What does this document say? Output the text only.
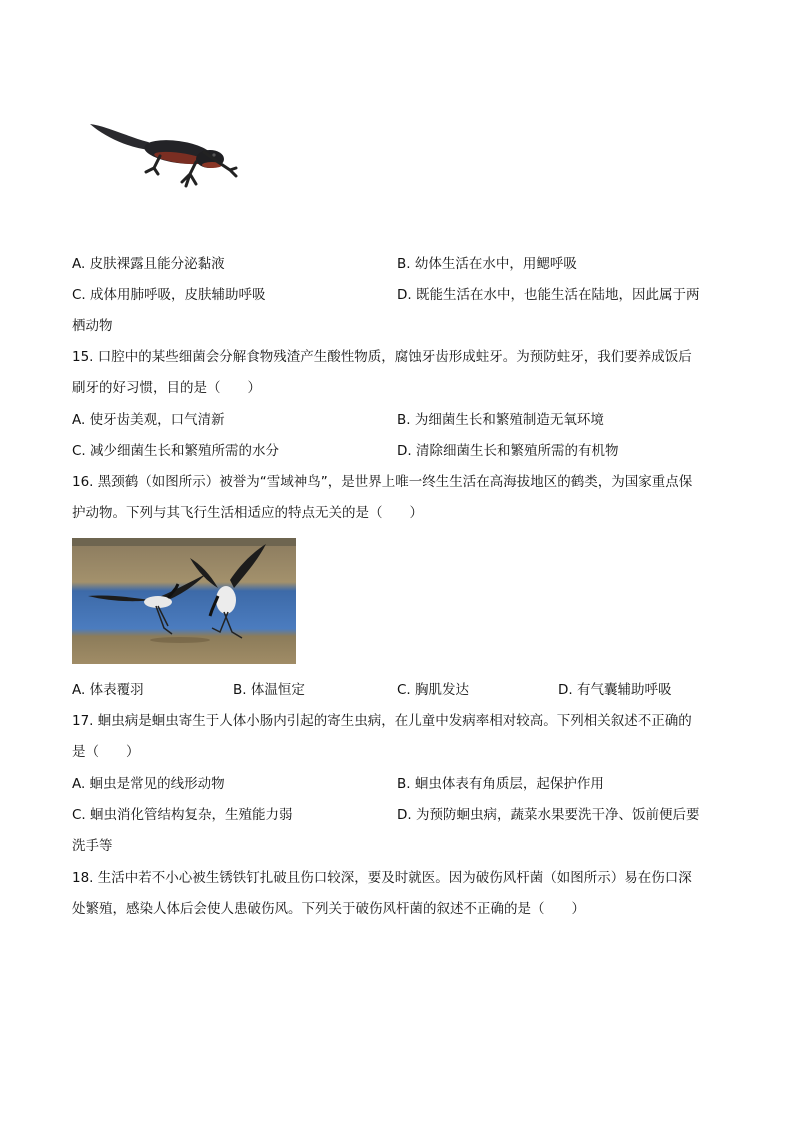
A. 皮肤裸露且能分泌黏液	B. 幼体生活在水中，用鳃呼吸
C. 成体用肺呼吸，皮肤辅助呼吸	D. 既能生活在水中，也能生活在陆地，因此属于两
栖动物
15. 口腔中的某些细菌会分解食物残渣产生酸性物质，腐蚀牙齿形成蛀牙。为预防蛀牙，我们要养成饭后
刷牙的好习惯，目的是（　　）
A. 使牙齿美观，口气清新	B. 为细菌生长和繁殖制造无氧环境
C. 减少细菌生长和繁殖所需的水分	D. 清除细菌生长和繁殖所需的有机物
16. 黑颈鹤（如图所示）被誉为“雪域神鸟”，是世界上唯一终生生活在高海拔地区的鹤类，为国家重点保
护动物。下列与其飞行生活相适应的特点无关的是（　　）
A. 体表覆羽	B. 体温恒定	C. 胸肌发达	D. 有气囊辅助呼吸
17. 蛔虫病是蛔虫寄生于人体小肠内引起的寄生虫病，在儿童中发病率相对较高。下列相关叙述不正确的
是（　　）
A. 蛔虫是常见的线形动物	B. 蛔虫体表有角质层，起保护作用
C. 蛔虫消化管结构复杂，生殖能力弱	D. 为预防蛔虫病，蔬菜水果要洗干净、饭前便后要
洗手等
18. 生活中若不小心被生锈铁钉扎破且伤口较深，要及时就医。因为破伤风杆菌（如图所示）易在伤口深
处繁殖，感染人体后会使人患破伤风。下列关于破伤风杆菌的叙述不正确的是（　　）
